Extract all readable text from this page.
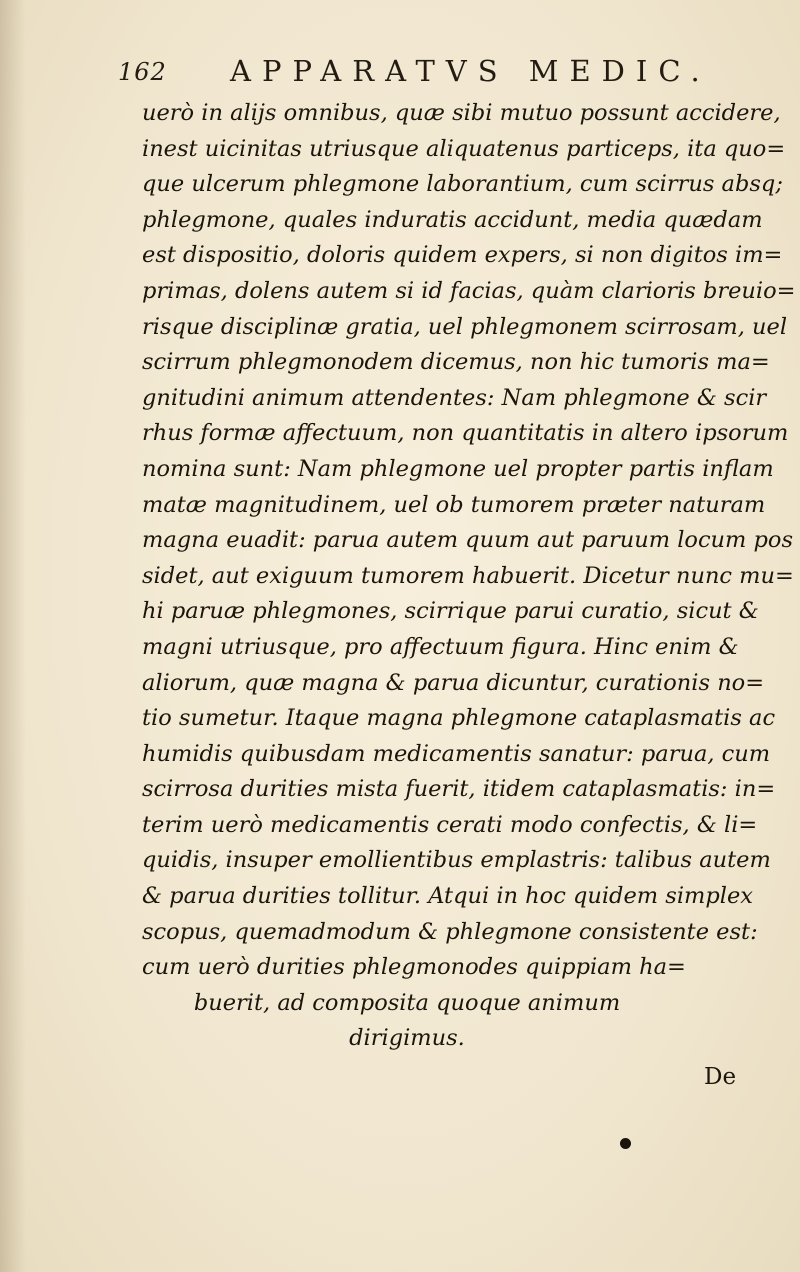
162 APPARATVS MEDIC.
uerò in alijs omnibus, quæ sibi mutuo possunt accidere,
inest uicinitas utriusque aliquatenus particeps, ita quo=
que ulcerum phlegmone laborantium, cum scirrus absq;
phlegmone, quales induratis accidunt, media quædam
est dispositio, doloris quidem expers, si non digitos im=
primas, dolens autem si id facias, quàm clarioris breuio=
risque disciplinæ gratia, uel phlegmonem scirrosam, uel
scirrum phlegmonodem dicemus, non hic tumoris ma=
gnitudini animum attendentes: Nam phlegmone & scir
rhus formæ affectuum, non quantitatis in altero ipsorum
nomina sunt: Nam phlegmone uel propter partis inflam
matæ magnitudinem, uel ob tumorem præter naturam
magna euadit: parua autem quum aut paruum locum pos
sidet, aut exiguum tumorem habuerit. Dicetur nunc mu=
hi paruæ phlegmones, scirrique parui curatio, sicut &
magni utriusque, pro affectuum figura. Hinc enim &
aliorum, quæ magna & parua dicuntur, curationis no=
tio sumetur. Itaque magna phlegmone cataplasmatis ac
humidis quibusdam medicamentis sanatur: parua, cum
scirrosa durities mista fuerit, itidem cataplasmatis: in=
terim uerò medicamentis cerati modo confectis, & li=
quidis, insuper emollientibus emplastris: talibus autem
& parua durities tollitur. Atqui in hoc quidem simplex
scopus, quemadmodum & phlegmone consistente est:
cum uerò durities phlegmonodes quippiam ha=
buerit, ad composita quoque animum
dirigimus.
De
